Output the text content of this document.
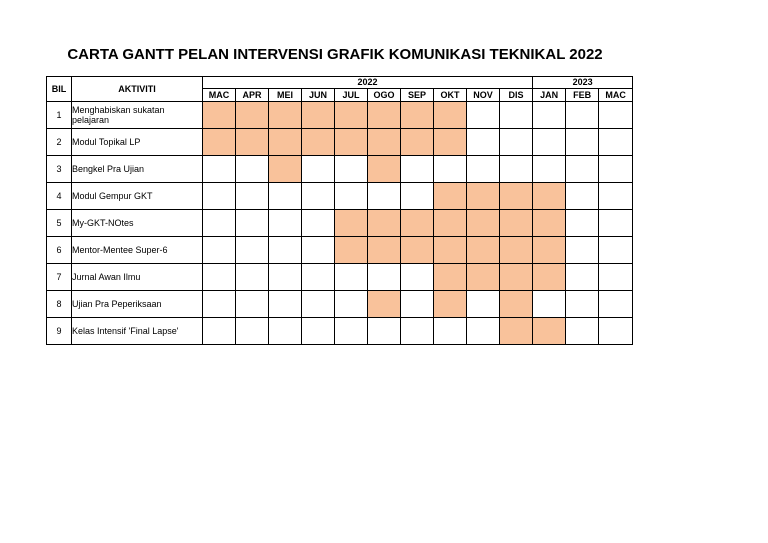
CARTA GANTT PELAN INTERVENSI GRAFIK KOMUNIKASI TEKNIKAL 2022
BIL	AKTIVITI	2022										2023		
		MAC	APR	MEI	JUN	JUL	OGO	SEP	OKT	NOV	DIS	JAN	FEB	MAC
1	Menghabiskan sukatan pelajaran													
2	Modul Topikal LP													
3	Bengkel Pra Ujian													
4	Modul Gempur GKT													
5	My-GKT-NOtes													
6	Mentor-Mentee Super-6													
7	Jurnal Awan Ilmu													
8	Ujian Pra Peperiksaan													
9	Kelas Intensif 'Final Lapse'													
